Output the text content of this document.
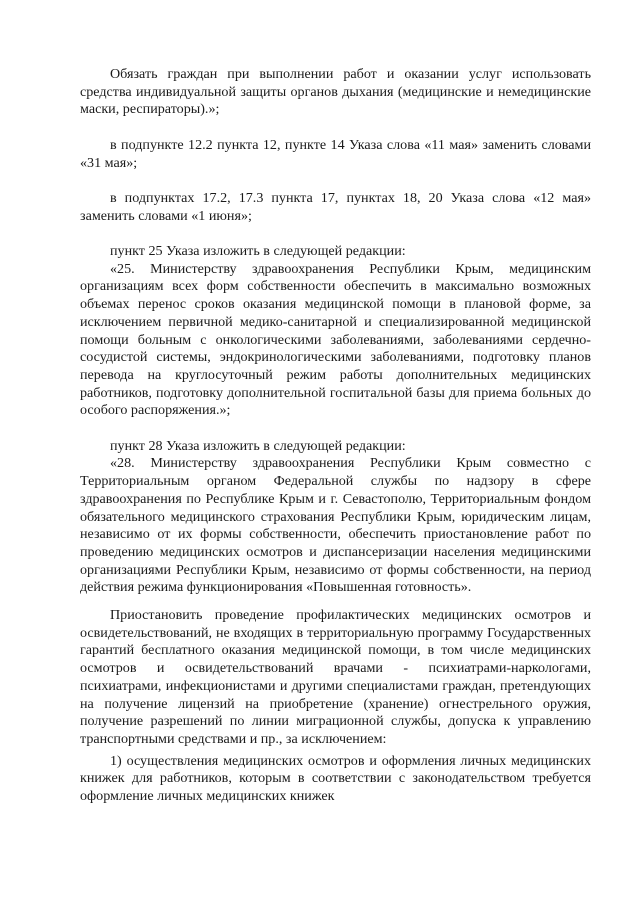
Обязать граждан при выполнении работ и оказании услуг использовать средства индивидуальной защиты органов дыхания (медицинские и немедицинские маски, респираторы).»;

в подпункте 12.2 пункта 12, пункте 14 Указа слова «11 мая» заменить словами «31 мая»;

в подпунктах 17.2, 17.3 пункта 17, пунктах 18, 20 Указа слова «12 мая» заменить словами «1 июня»;

пункт 25 Указа изложить в следующей редакции:

«25. Министерству здравоохранения Республики Крым, медицинским организациям всех форм собственности обеспечить в максимально возможных объемах перенос сроков оказания медицинской помощи в плановой форме, за исключением первичной медико-санитарной и специализированной медицинской помощи больным с онкологическими заболеваниями, заболеваниями сердечно-сосудистой системы, эндокринологическими заболеваниями, подготовку планов перевода на круглосуточный режим работы дополнительных медицинских работников, подготовку дополнительной госпитальной базы для приема больных до особого распоряжения.»;

пункт 28 Указа изложить в следующей редакции:

«28. Министерству здравоохранения Республики Крым совместно с Территориальным органом Федеральной службы по надзору в сфере здравоохранения по Республике Крым и г. Севастополю, Территориальным фондом обязательного медицинского страхования Республики Крым, юридическим лицам, независимо от их формы собственности, обеспечить приостановление работ по проведению медицинских осмотров и диспансеризации населения медицинскими организациями Республики Крым, независимо от формы собственности, на период действия режима функционирования «Повышенная готовность».

Приостановить проведение профилактических медицинских осмотров и освидетельствований, не входящих в территориальную программу Государственных гарантий бесплатного оказания медицинской помощи, в том числе медицинских осмотров и освидетельствований врачами - психиатрами-наркологами, психиатрами, инфекционистами и другими специалистами граждан, претендующих на получение лицензий на приобретение (хранение) огнестрельного оружия, получение разрешений по линии миграционной службы, допуска к управлению транспортными средствами и пр., за исключением:

1) осуществления медицинских осмотров и оформления личных медицинских книжек для работников, которым в соответствии с законодательством требуется оформление личных медицинских книжек
